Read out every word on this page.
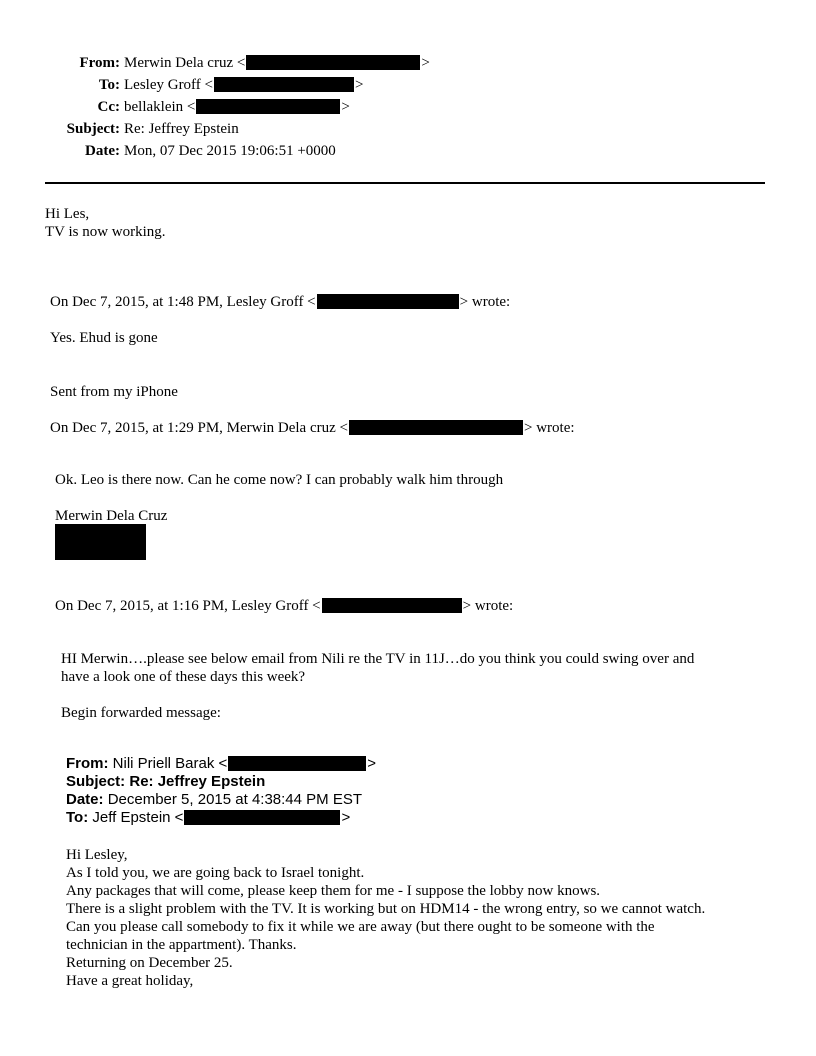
From: Merwin Dela cruz <	>
To: Lesley Groff <	>
Cc: bellaklein <	>
Subject: Re: Jeffrey Epstein
Date: Mon, 07 Dec 2015 19:06:51 +0000
Hi Les,
TV is now working.
On Dec 7, 2015, at 1:48 PM, Lesley Groff <	> wrote:
Yes. Ehud is gone
Sent from my iPhone
On Dec 7, 2015, at 1:29 PM, Merwin Dela cruz <	> wrote:
Ok. Leo is there now. Can he come now? I can probably walk him through
Merwin Dela Cruz
On Dec 7, 2015, at 1:16 PM, Lesley Groff <	> wrote:
HI Merwin….please see below email from Nili re the TV in 11J…do you think you could swing over and
have a look one of these days this week?
Begin forwarded message:
From: Nili Priell Barak <	>
Subject: Re: Jeffrey Epstein
Date: December 5, 2015 at 4:38:44 PM EST
To: Jeff Epstein <	>
Hi Lesley,
As I told you, we are going back to Israel tonight.
Any packages that will come, please keep them for me - I suppose the lobby now knows.
There is a slight problem with the TV. It is working but on HDM14 - the wrong entry, so we cannot watch.
Can you please call somebody to fix it while we are away (but there ought to be someone with the
technician in the appartment). Thanks.
Returning on December 25.
Have a great holiday,
